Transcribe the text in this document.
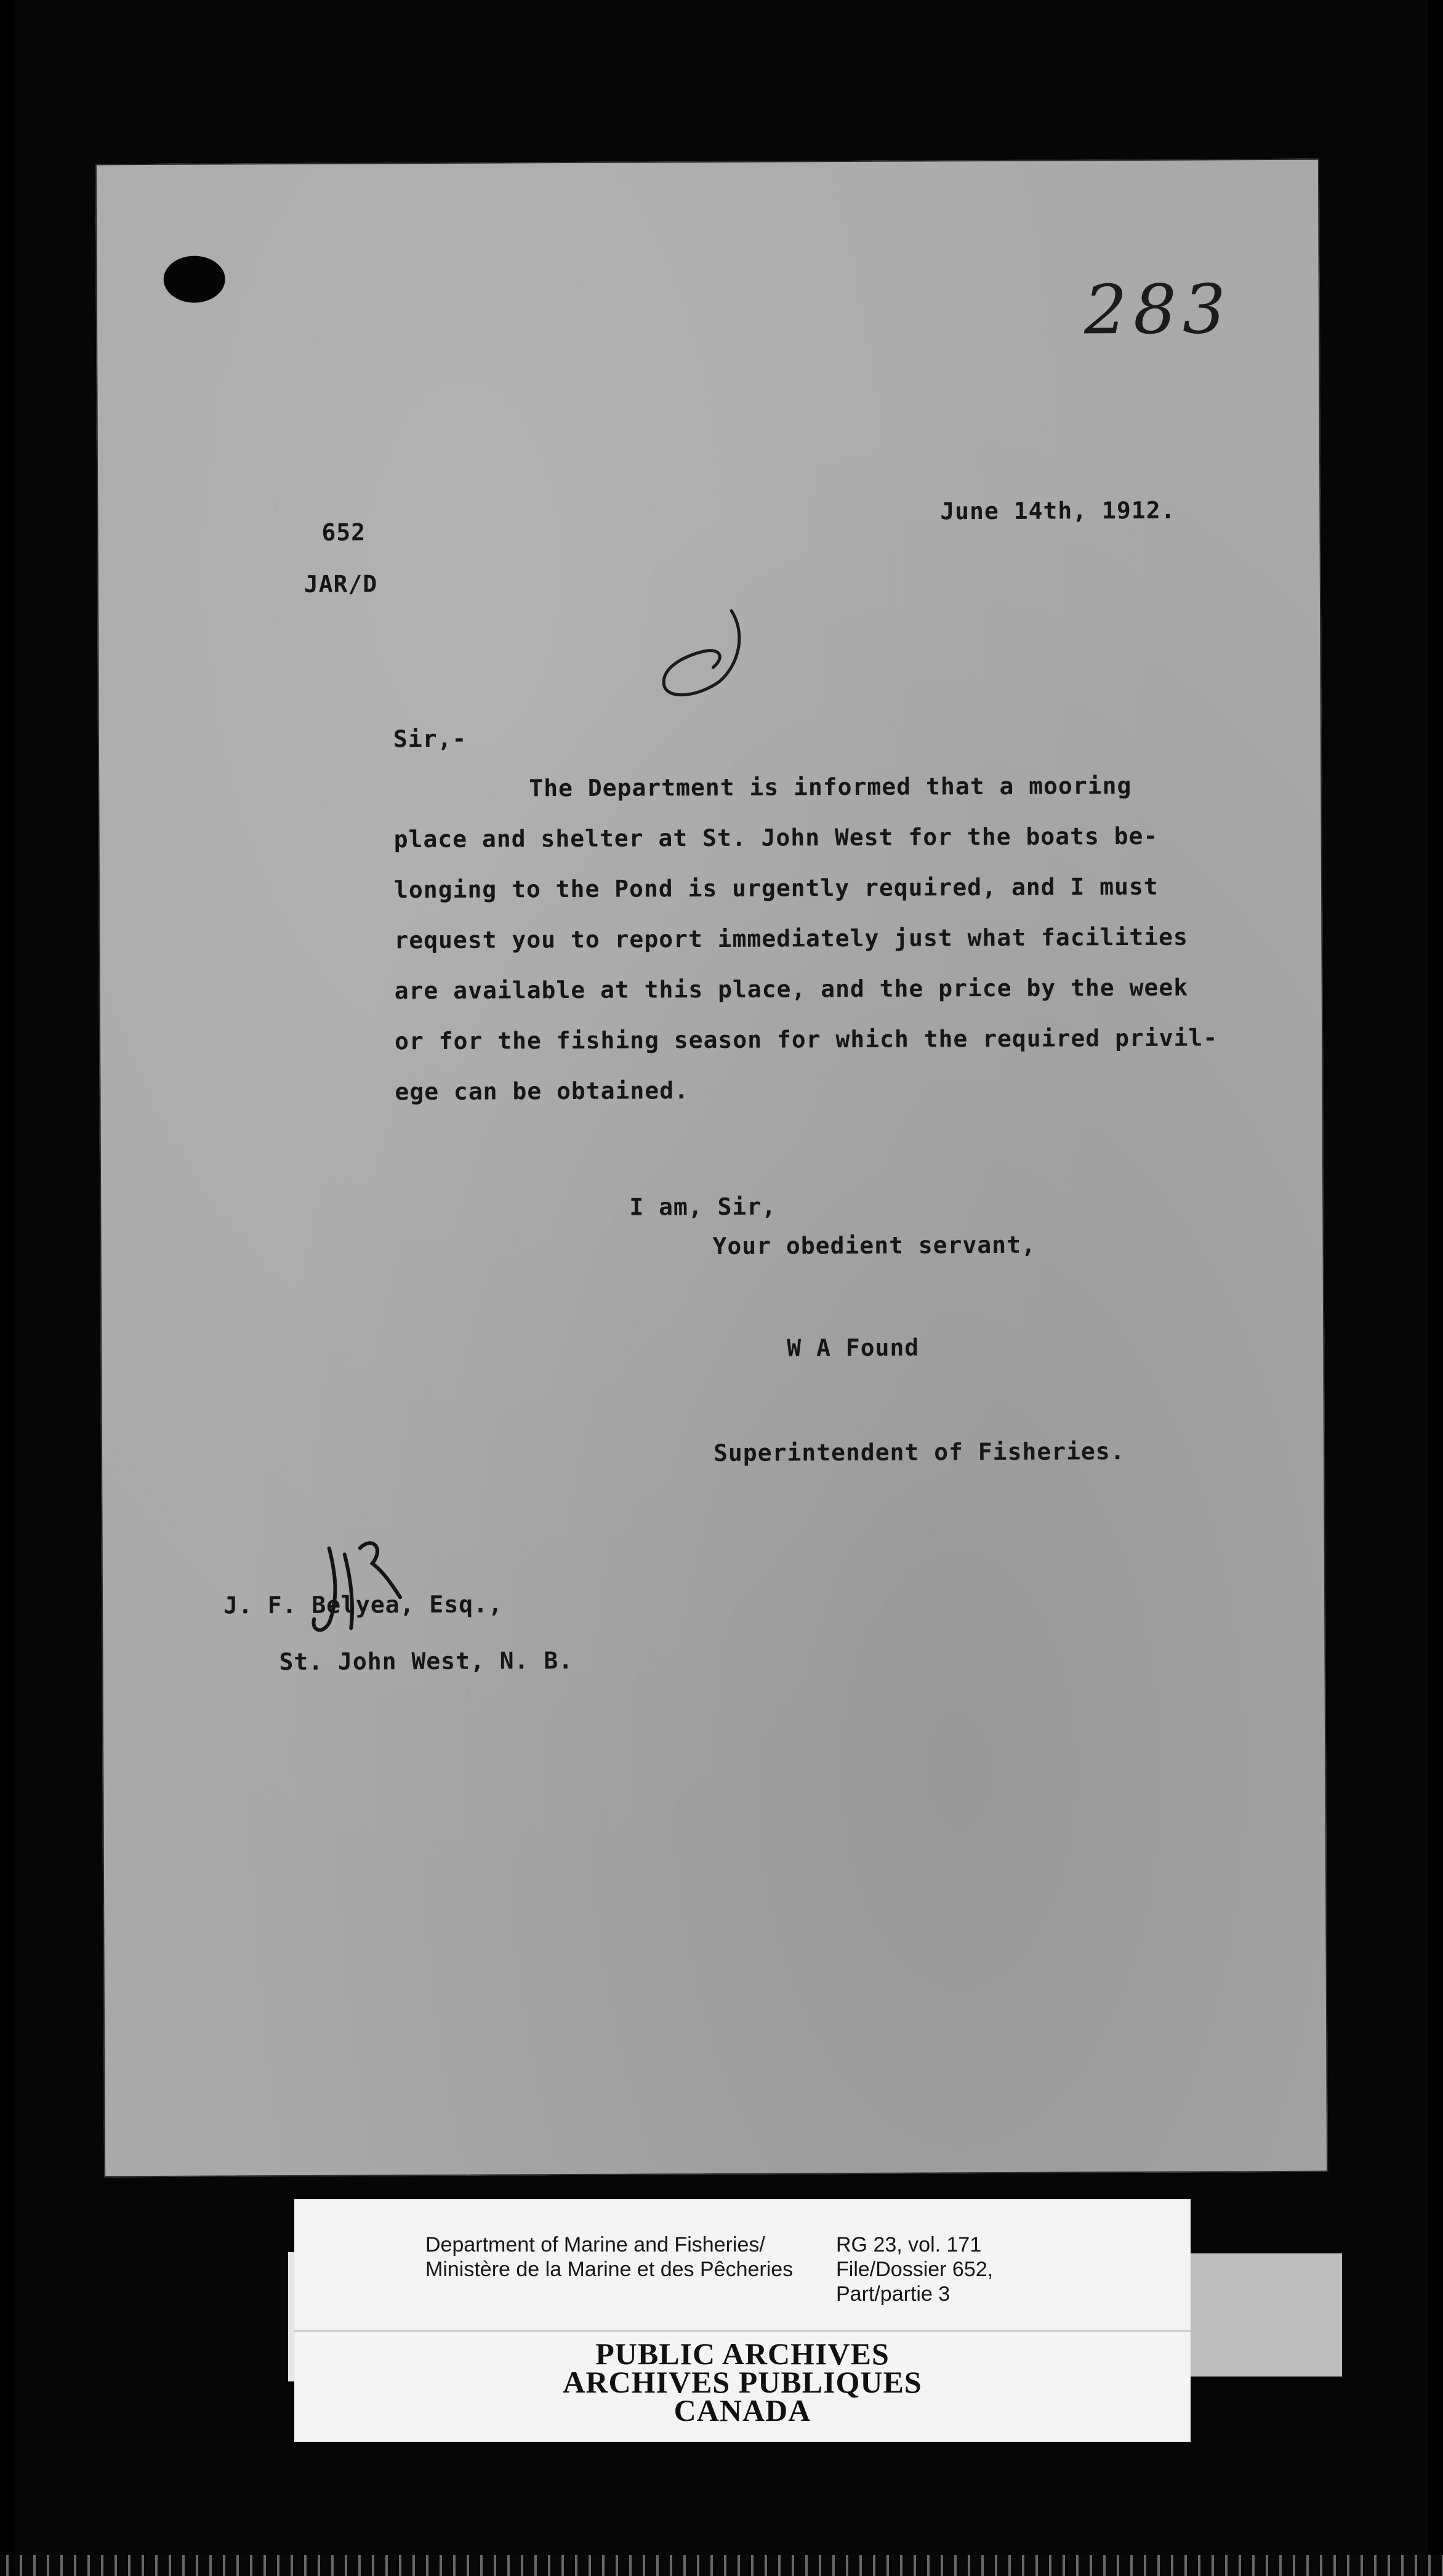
283

June 14th, 1912.

652

JAR/D

Sir,-

The Department is informed that a mooring
place and shelter at St. John West for the boats be-
longing to the Pond is urgently required, and I must
request you to report immediately just what facilities
are available at this place, and the price by the week
or for the fishing season for which the required privil-
ege can be obtained.

I am, Sir,

Your obedient servant,

W A Found

Superintendent of Fisheries.

J. F. Belyea, Esq.,

St. John West, N. B.

Department of Marine and Fisheries/
Ministère de la Marine et des Pêcheries

RG 23, vol. 171
File/Dossier 652,
Part/partie 3

PUBLIC ARCHIVES
ARCHIVES PUBLIQUES
CANADA
